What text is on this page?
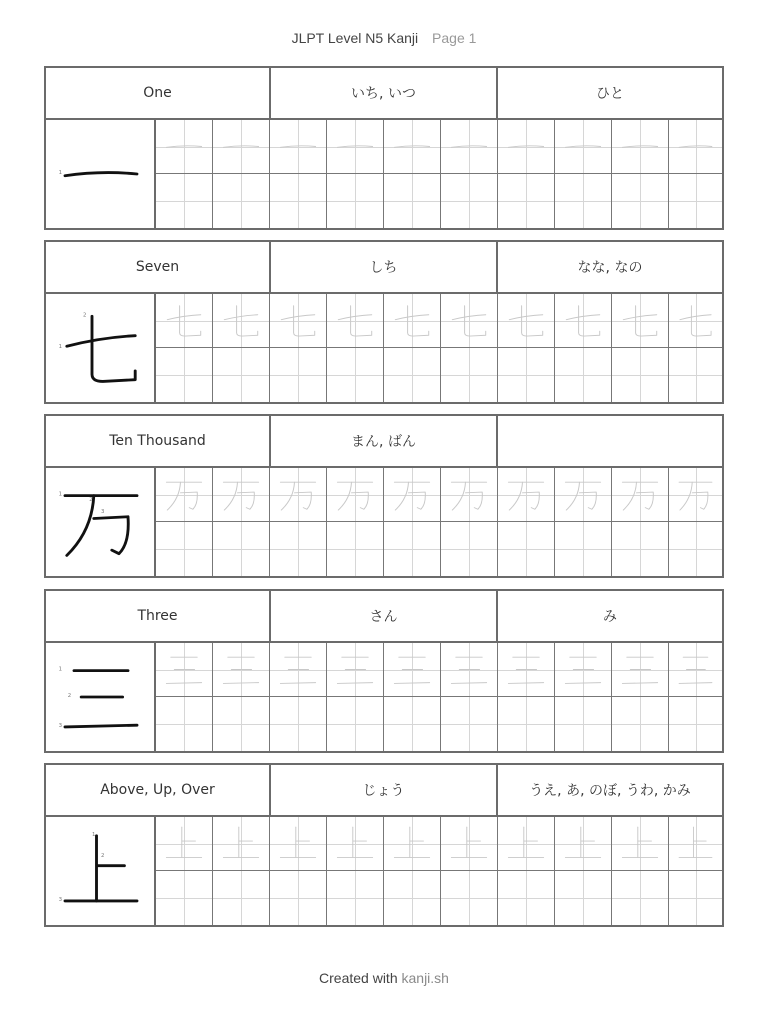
JLPT Level N5 Kanji Page 1
One	いち, いつ	ひと
1
Seven	しち	なな, なの
1
2
Ten Thousand	まん, ばん
1
2
3
Three	さん	み
1
2
3
Above, Up, Over	じょう	うえ, あ, のぼ, うわ, かみ
1
2
3
Created with kanji.sh
